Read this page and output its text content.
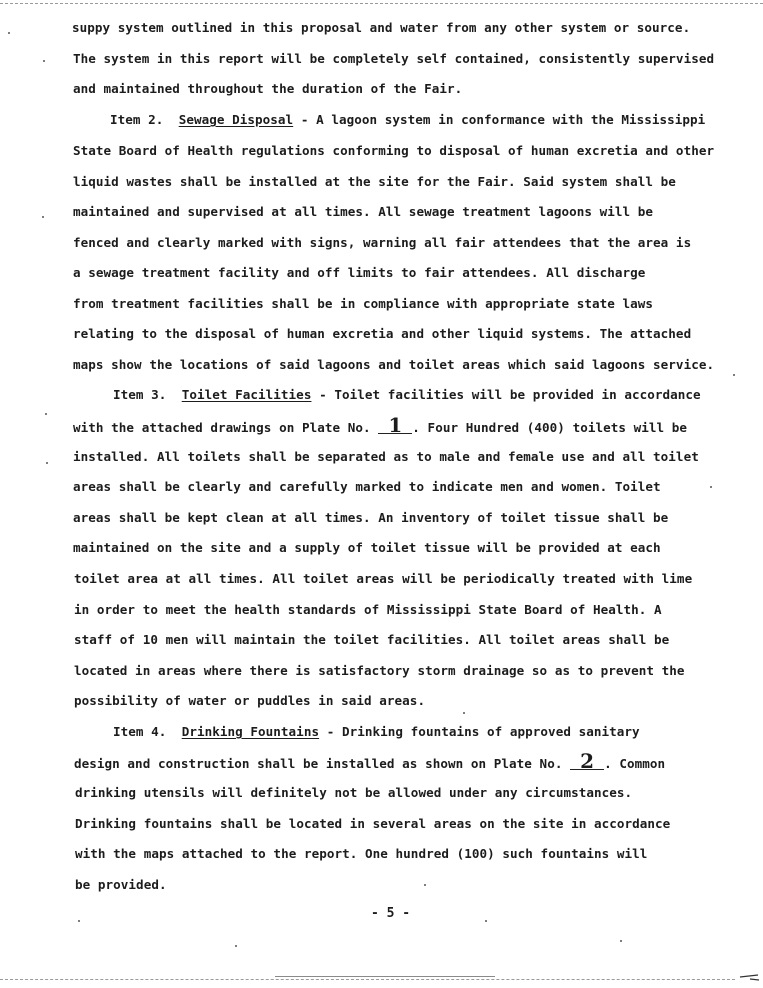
suppy system outlined in this proposal and water from any other system or source.
The system in this report will be completely self contained, consistently supervised
and maintained throughout the duration of the Fair.
Item 2. Sewage Disposal - A lagoon system in conformance with the Mississippi
State Board of Health regulations conforming to disposal of human excretia and other
liquid wastes shall be installed at the site for the Fair. Said system shall be
maintained and supervised at all times. All sewage treatment lagoons will be
fenced and clearly marked with signs, warning all fair attendees that the area is
a sewage treatment facility and off limits to fair attendees. All discharge
from treatment facilities shall be in compliance with appropriate state laws
relating to the disposal of human excretia and other liquid systems. The attached
maps show the locations of said lagoons and toilet areas which said lagoons service.
Item 3. Toilet Facilities - Toilet facilities will be provided in accordance
with the attached drawings on Plate No. 1 . Four Hundred (400) toilets will be
installed. All toilets shall be separated as to male and female use and all toilet
areas shall be clearly and carefully marked to indicate men and women. Toilet
areas shall be kept clean at all times. An inventory of toilet tissue shall be
maintained on the site and a supply of toilet tissue will be provided at each
toilet area at all times. All toilet areas will be periodically treated with lime
in order to meet the health standards of Mississippi State Board of Health. A
staff of 10 men will maintain the toilet facilities. All toilet areas shall be
located in areas where there is satisfactory storm drainage so as to prevent the
possibility of water or puddles in said areas.
Item 4. Drinking Fountains - Drinking fountains of approved sanitary
design and construction shall be installed as shown on Plate No. 2 . Common
drinking utensils will definitely not be allowed under any circumstances.
Drinking fountains shall be located in several areas on the site in accordance
with the maps attached to the report. One hundred (100) such fountains will
be provided.
- 5 -
